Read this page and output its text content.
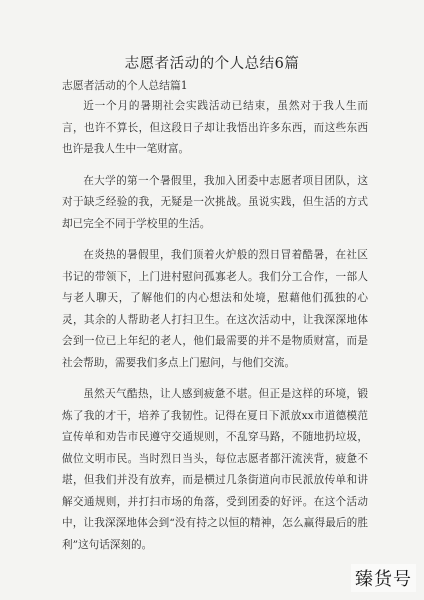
志愿者活动的个人总结6篇
志愿者活动的个人总结篇1

近一个月的暑期社会实践活动已结束，虽然对于我人生而言，也许不算长，但这段日子却让我悟出许多东西，而这些东西也许是我人生中一笔财富。

在大学的第一个暑假里，我加入团委中志愿者项目团队，这对于缺乏经验的我，无疑是一次挑战。虽说实践，但生活的方式却已完全不同于学校里的生活。

在炎热的暑假里，我们顶着火炉般的烈日冒着酷暑，在社区书记的带领下，上门进村慰问孤寡老人。我们分工合作，一部人与老人聊天，了解他们的内心想法和处境，慰藉他们孤独的心灵，其余的人帮助老人打扫卫生。在这次活动中，让我深深地体会到一位已上年纪的老人，他们最需要的并不是物质财富，而是社会帮助，需要我们多点上门慰问，与他们交流。

虽然天气酷热，让人感到疲惫不堪。但正是这样的环境，锻炼了我的才干，培养了我韧性。记得在夏日下派放xx市道德模范宣传单和劝告市民遵守交通规则，不乱穿马路，不随地扔垃圾，做位文明市民。当时烈日当头，每位志愿者都汗流浃背，疲惫不堪，但我们并没有放弃，而是横过几条街道向市民派放传单和讲解交通规则，并打扫市场的角落，受到团委的好评。在这个活动中，让我深深地体会到“没有持之以恒的精神，怎么赢得最后的胜利”这句话深刻的。

臻货号
